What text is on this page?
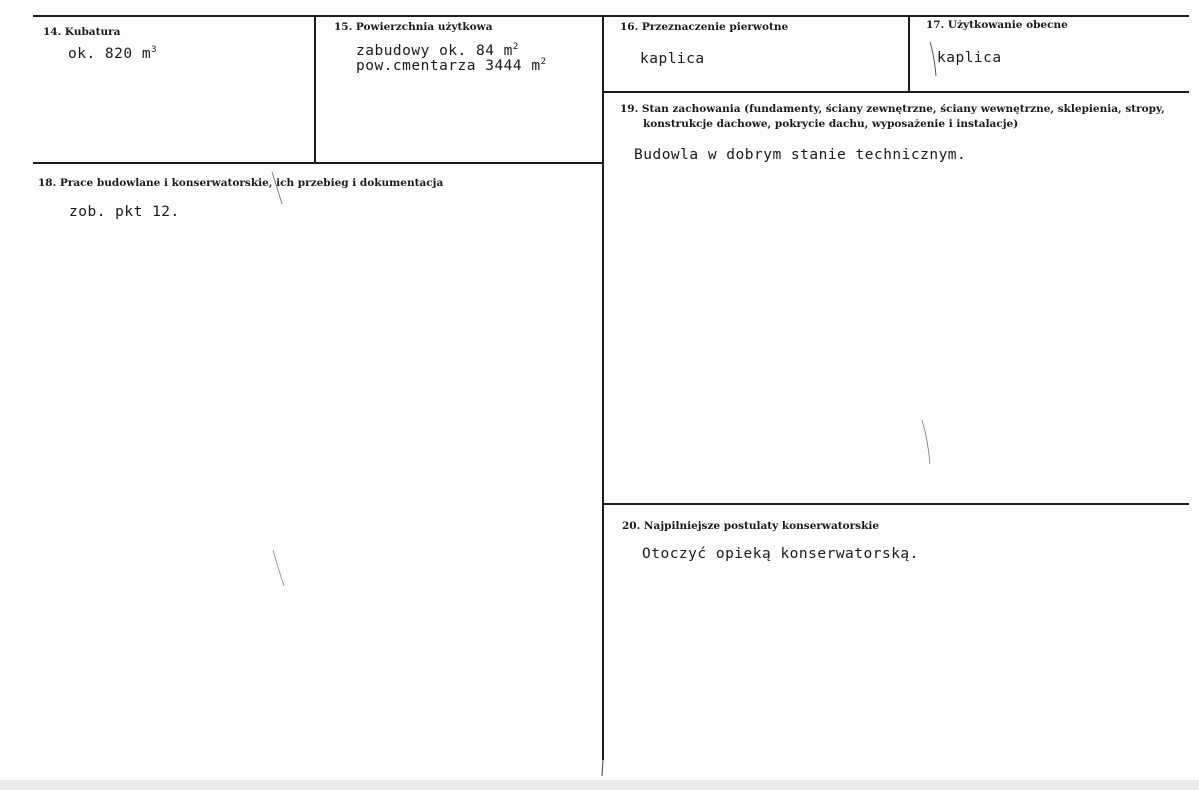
14. Kubatura
ok. 820 $m^3$
15. Powierzchnia użytkowa
zabudowy ok. 84 $m^2$
pow.cmentarza 3444 $m^2$
16. Przeznaczenie pierwotne
kaplica
17. Użytkowanie obecne
kaplica
18. Prace budowlane i konserwatorskie, ich przebieg i dokumentacja
zob. pkt 12.
19. Stan zachowania (fundamenty, ściany zewnętrzne, ściany wewnętrzne, sklepienia, stropy,
konstrukcje dachowe, pokrycie dachu, wyposażenie i instalacje)
Budowla w dobrym stanie technicznym.
20. Najpilniejsze postulaty konserwatorskie
Otoczyć opieką konserwatorską.
